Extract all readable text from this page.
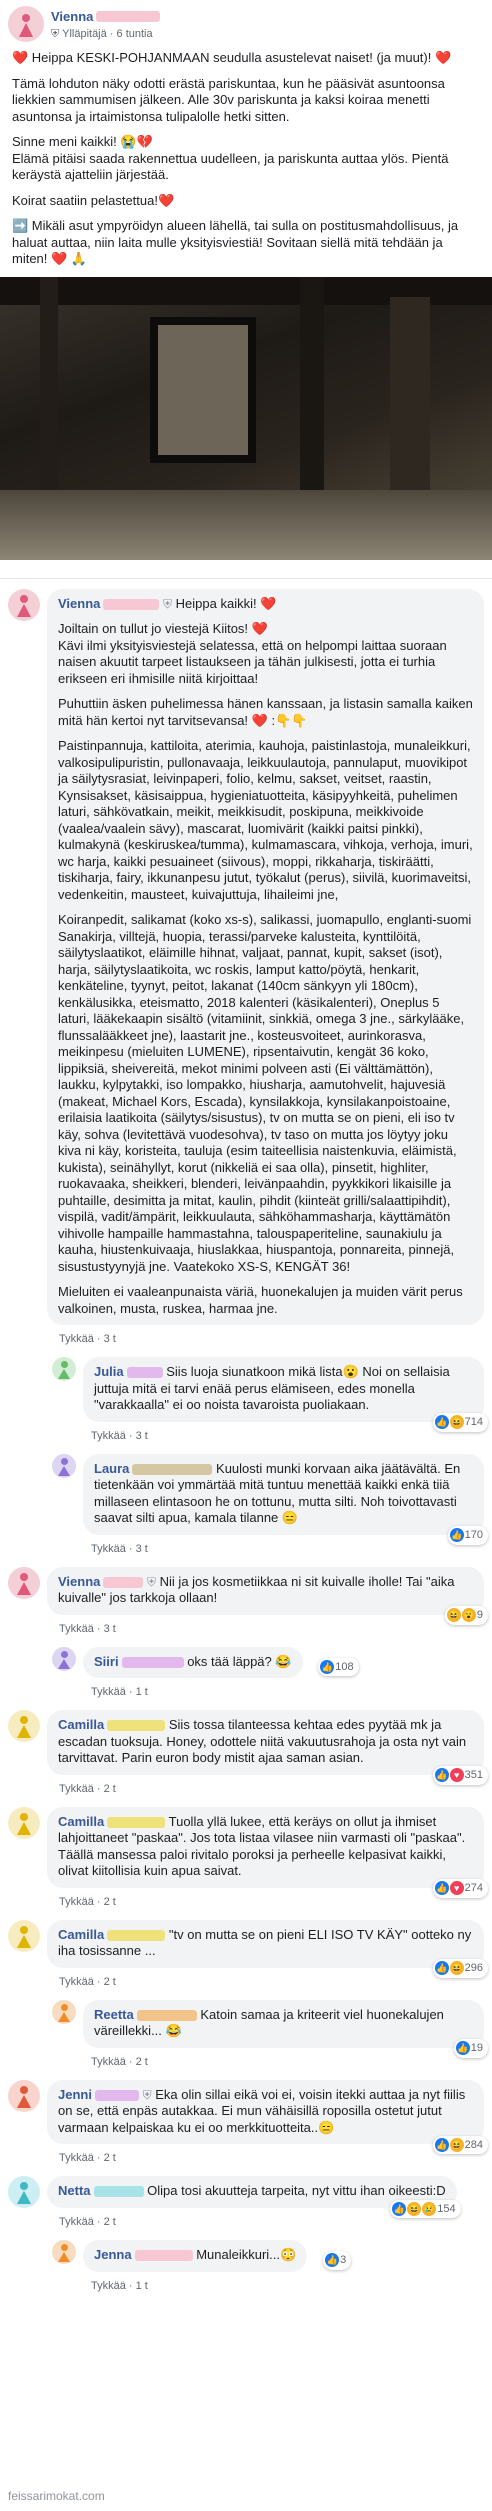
Vienna
⛨ Ylläpitäjä · 6 tuntia

❤️ Heippa KESKI-POHJANMAAN seudulla asustelevat naiset! (ja muut)! ❤️

Tämä lohduton näky odotti erästä pariskuntaa, kun he pääsivät asuntoonsa liekkien sammumisen jälkeen. Alle 30v pariskunta ja kaksi koiraa menetti asuntonsa ja irtaimistonsa tulipalolle hetki sitten.

Sinne meni kaikki! 😭💔
Elämä pitäisi saada rakennettua uudelleen, ja pariskunta auttaa ylös. Pientä keräystä ajatteliin järjestää.

Koirat saatiin pelastettua!❤️

➡️ Mikäli asut ympyröidyn alueen lähellä, tai sulla on postitusmahdollisuus, ja haluat auttaa, niin laita mulle yksityisviestiä! Sovitaan siellä mitä tehdään ja miten! ❤️ 🙏

Vienna	⛨ Heippa kaikki! ❤️

Joiltain on tullut jo viestejä Kiitos! ❤️
Kävi ilmi yksityisviestejä selatessa, että on helpompi laittaa suoraan naisen akuutit tarpeet listaukseen ja tähän julkisesti, jotta ei turhia erikseen eri ihmisille niitä kirjoittaa!

Puhuttiin äsken puhelimessa hänen kanssaan, ja listasin samalla kaiken mitä hän kertoi nyt tarvitsevansa! ❤️ :👇👇

Paistinpannuja, kattiloita, aterimia, kauhoja, paistinlastoja, munaleikkuri, valkosipulipuristin, pullonavaaja, leikkuulautoja, pannulaput, muovikipot ja säilytysrasiat, leivinpaperi, folio, kelmu, sakset, veitset, raastin, Kynsisakset, käsisaippua, hygieniatuotteita, käsipyyhkeitä, puhelimen laturi, sähkövatkain, meikit, meikkisudit, poskipuna, meikkivoide (vaalea/vaalein sävy), mascarat, luomivärit (kaikki paitsi pinkki), kulmakynä (keskiruskea/tumma), kulmamascara, vihkoja, verhoja, imuri, wc harja, kaikki pesuaineet (siivous), moppi, rikkaharja, tiskiräätti, tiskiharja, fairy, ikkunanpesu jutut, työkalut (perus), siivilä, kuorimaveitsi, vedenkeitin, mausteet, kuivajuttuja, lihaileimi jne,

Koiranpedit, salikamat (koko xs-s), salikassi, juomapullo, englanti-suomi Sanakirja, villtejä, huopia, terassi/parveke kalusteita, kynttilöitä, säilytyslaatikot, eläimille hihnat, valjaat, pannat, kupit, sakset (isot), harja, säilytyslaatikoita, wc roskis, lamput katto/pöytä, henkarit, kenkäteline, tyynyt, peitot, lakanat (140cm sänkyyn yli 180cm), kenkälusikka, eteismatto, 2018 kalenteri (käsikalenteri), Oneplus 5 laturi, lääkekaapin sisältö (vitamiinit, sinkkiä, omega 3 jne., särkylääke, flunssalääkkeet jne), laastarit jne., kosteusvoiteet, aurinkorasva, meikinpesu (mieluiten LUMENE), ripsentaivutin, kengät 36 koko, lippiksiä, sheivereitä, mekot minimi polveen asti (Ei välttämättön), laukku, kylpytakki, iso lompakko, hiusharja, aamutohvelit, hajuvesiä (makeat, Michael Kors, Escada), kynsilakkoja, kynsilakanpoistoaine, erilaisia laatikoita (säilytys/sisustus), tv on mutta se on pieni, eli iso tv käy, sohva (levitettävä vuodesohva), tv taso on mutta jos löytyy joku kiva ni käy, koristeita, tauluja (esim taiteellisia naistenkuvia, eläimistä, kukista), seinähyllyt, korut (nikkeliä ei saa olla), pinsetit, highliter, ruokavaaka, sheikkeri, blenderi, leivänpaahdin, pyykkikori likaisille ja puhtaille, desimitta ja mitat, kaulin, pihdit (kiinteät grilli/salaattipihdit), vispilä, vadit/ämpärit, leikkuulauta, sähköhammasharja, käyttämätön vihivolle hampaille hammastahna, talouspaperiteline, saunakiulu ja kauha, hiustenkuivaaja, hiuslakkaa, hiuspantoja, ponnareita, pinnejä, sisustustyynyjä jne. Vaatekoko XS-S, KENGÄT 36!

Mieluiten ei vaaleanpunaista väriä, huonekalujen ja muiden värit perus valkoinen, musta, ruskea, harmaa jne.

Tykkää · 3 t
Julia	Siis luoja siunatkoon mikä lista😮 Noi on sellaisia juttuja mitä ei tarvi enää perus elämiseen, edes monella "varakkaalla" ei oo noista tavaroista puoliakaan.
👍 😆 714
Tykkää · 3 t
Laura	Kuulosti munki korvaan aika jäätävältä. En tietenkään voi ymmärtää mitä tuntuu menettää kaikki enkä tiiä millaseen elintasoon he on tottunu, mutta silti. Noh toivottavasti saavat silti apua, kamala tilanne 😑
👍 170
Tykkää · 3 t
Vienna	⛨ Nii ja jos kosmetiikkaa ni sit kuivalle iholle! Tai "aika kuivalle" jos tarkkoja ollaan!
😆 😮 9
Tykkää · 3 t
Siiri	oks tää läppä? 😂	👍 108
Tykkää · 1 t
Camilla	Siis tossa tilanteessa kehtaa edes pyytää mk ja escadan tuoksuja. Honey, odottele niitä vakuutusrahoja ja osta nyt vain tarvittavat. Parin euron body mistit ajaa saman asian.
👍 ♥ 351
Tykkää · 2 t
Camilla	Tuolla yllä lukee, että keräys on ollut ja ihmiset lahjoittaneet "paskaa". Jos tota listaa vilasee niin varmasti oli "paskaa". Täällä mansessa paloi rivitalo poroksi ja perheelle kelpasivat kaikki, olivat kiitollisia kuin apua saivat.
👍 ♥ 274
Tykkää · 2 t
Camilla	"tv on mutta se on pieni ELI ISO TV KÄY" ootteko ny iha tosissanne ...
👍 😆 296
Tykkää · 2 t
Reetta	Katoin samaa ja kriteerit viel huonekalujen väreillekki... 😂
👍 19
Tykkää · 2 t
Jenni	⛨ Eka olin sillai eikä voi ei, voisin itekki auttaa ja nyt fiilis on se, että enpäs autakkaa. Ei mun vähäisillä roposilla ostetut jutut varmaan kelpaiskaa ku ei oo merkkituotteita..😑
👍 😆 284
Tykkää · 2 t
Netta	Olipa tosi akuutteja tarpeita, nyt vittu ihan oikeesti:D
👍 😆 😢 154
Tykkää · 2 t
Jenna	Munaleikkuri...😳	👍 3
Tykkää · 1 t
feissarimokat.com
